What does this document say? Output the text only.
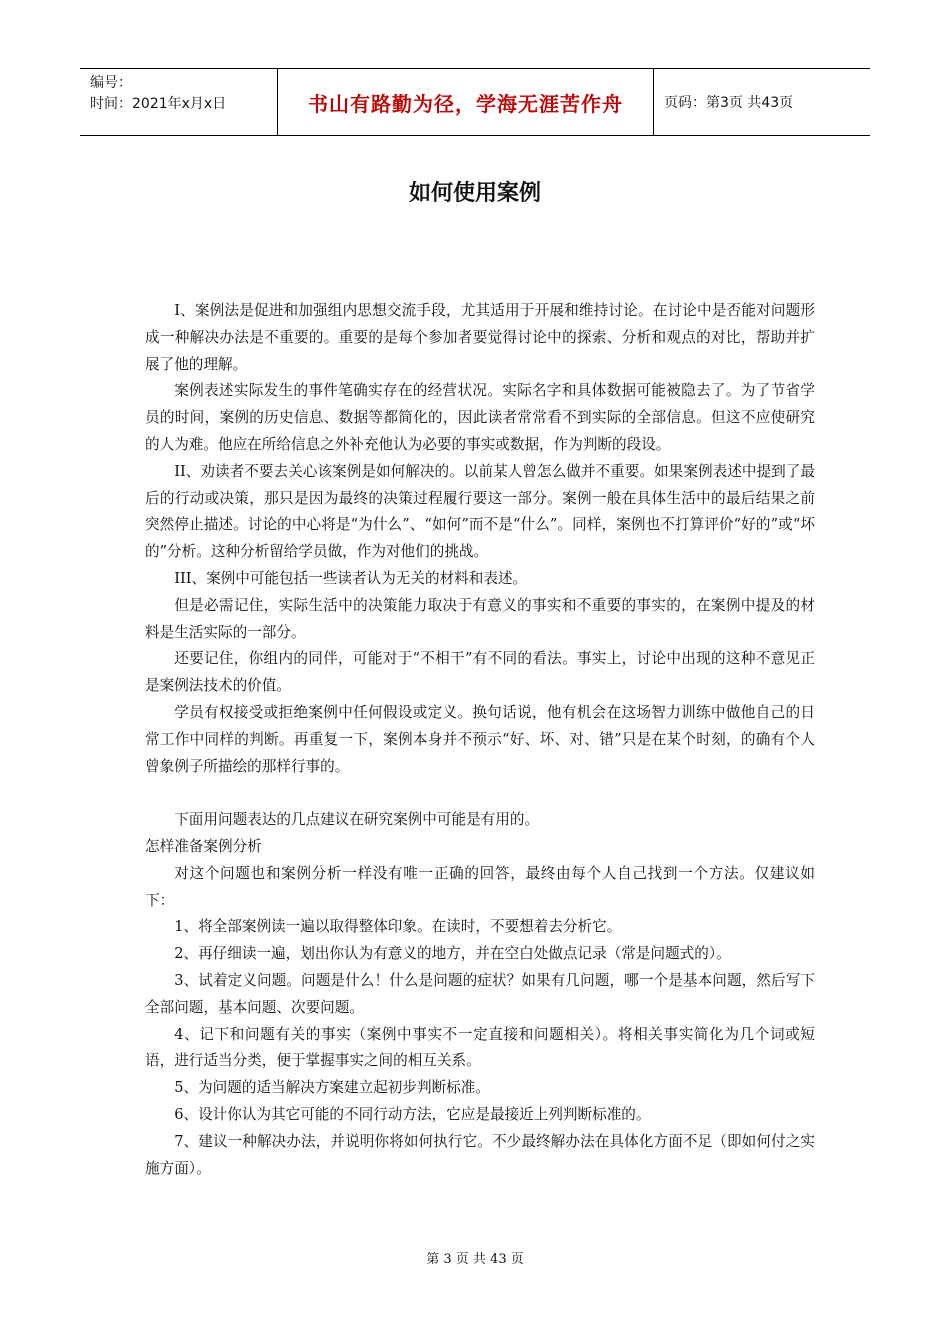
编号：
时间：2021年x月x日	书山有路勤为径，学海无涯苦作舟	页码：第3页 共43页
如何使用案例

I、案例法是促进和加强组内思想交流手段，尤其适用于开展和维持讨论。在讨论中是否能对问题形成一种解决办法是不重要的。重要的是每个参加者要觉得讨论中的探索、分析和观点的对比，帮助并扩展了他的理解。

案例表述实际发生的事件笔确实存在的经营状况。实际名字和具体数据可能被隐去了。为了节省学员的时间，案例的历史信息、数据等都简化的，因此读者常常看不到实际的全部信息。但这不应使研究的人为难。他应在所给信息之外补充他认为必要的事实或数据，作为判断的段设。

II、劝读者不要去关心该案例是如何解决的。以前某人曾怎么做并不重要。如果案例表述中提到了最后的行动或决策，那只是因为最终的决策过程履行要这一部分。案例一般在具体生活中的最后结果之前突然停止描述。讨论的中心将是“为什么”、“如何”而不是“什么”。同样，案例也不打算评价“好的”或“坏的”分析。这种分析留给学员做，作为对他们的挑战。

III、案例中可能包括一些读者认为无关的材料和表述。

但是必需记住，实际生活中的决策能力取决于有意义的事实和不重要的事实的，在案例中提及的材料是生活实际的一部分。

还要记住，你组内的同伴，可能对于“不相干”有不同的看法。事实上，讨论中出现的这种不意见正是案例法技术的价值。

学员有权接受或拒绝案例中任何假设或定义。换句话说，他有机会在这场智力训练中做他自己的日常工作中同样的判断。再重复一下，案例本身并不预示“好、坏、对、错”只是在某个时刻，的确有个人曾象例子所描绘的那样行事的。

下面用问题表达的几点建议在研究案例中可能是有用的。

怎样准备案例分析

对这个问题也和案例分析一样没有唯一正确的回答，最终由每个人自己找到一个方法。仅建议如下：

1、将全部案例读一遍以取得整体印象。在读时，不要想着去分析它。

2、再仔细读一遍，划出你认为有意义的地方，并在空白处做点记录（常是问题式的）。

3、试着定义问题。问题是什么！什么是问题的症状？如果有几问题，哪一个是基本问题，然后写下全部问题，基本问题、次要问题。

4、记下和问题有关的事实（案例中事实不一定直接和问题相关）。将相关事实简化为几个词或短语，进行适当分类，便于掌握事实之间的相互关系。

5、为问题的适当解决方案建立起初步判断标准。

6、设计你认为其它可能的不同行动方法，它应是最接近上列判断标准的。

7、建议一种解决办法，并说明你将如何执行它。不少最终解办法在具体化方面不足（即如何付之实施方面）。

第 3 页 共 43 页
